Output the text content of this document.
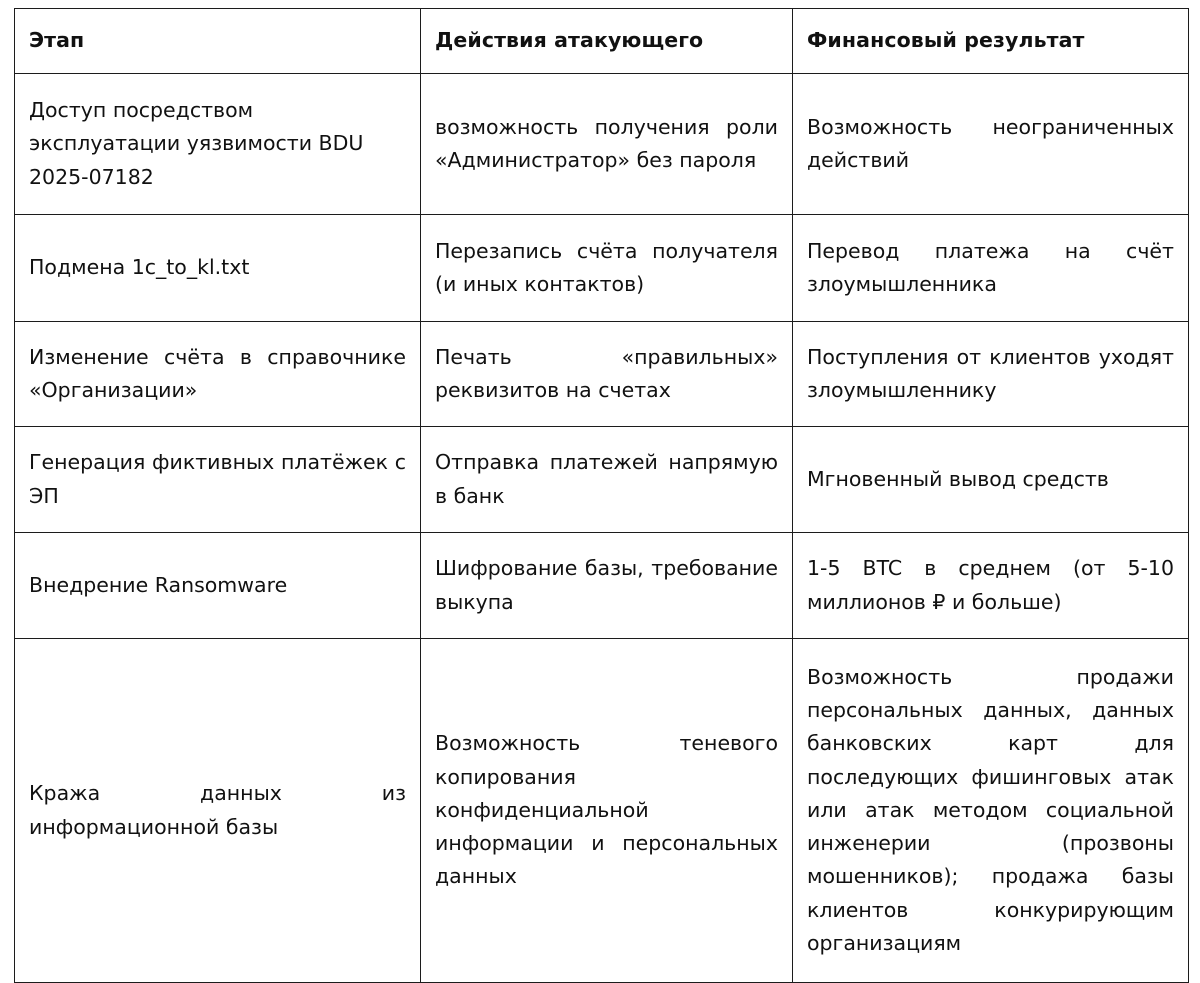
Этап	Действия атакующего	Финансовый результат

Доступ посредством эксплуатации уязвимости BDU 2025-07182	возможность получения роли «Администратор» без пароля	Возможность неограниченных действий

Подмена 1c_to_kl.txt	Перезапись счёта получателя (и иных контактов)	Перевод платежа на счёт злоумышленника

Изменение счёта в справочнике «Организации»	Печать «правильных» реквизитов на счетах	Поступления от клиентов уходят злоумышленнику

Генерация фиктивных платёжек с ЭП	Отправка платежей напрямую в банк	Мгновенный вывод средств

Внедрение Ransomware	Шифрование базы, требование выкупа	1-5 BTC в среднем (от 5-10 миллионов ₽ и больше)

Кража данных из информационной базы	Возможность теневого копирования конфиденциальной информации и персональных данных	Возможность продажи персональных данных, данных банковских карт для последующих фишинговых атак или атак методом социальной инженерии (прозвоны мошенников); продажа базы клиентов конкурирующим организациям
